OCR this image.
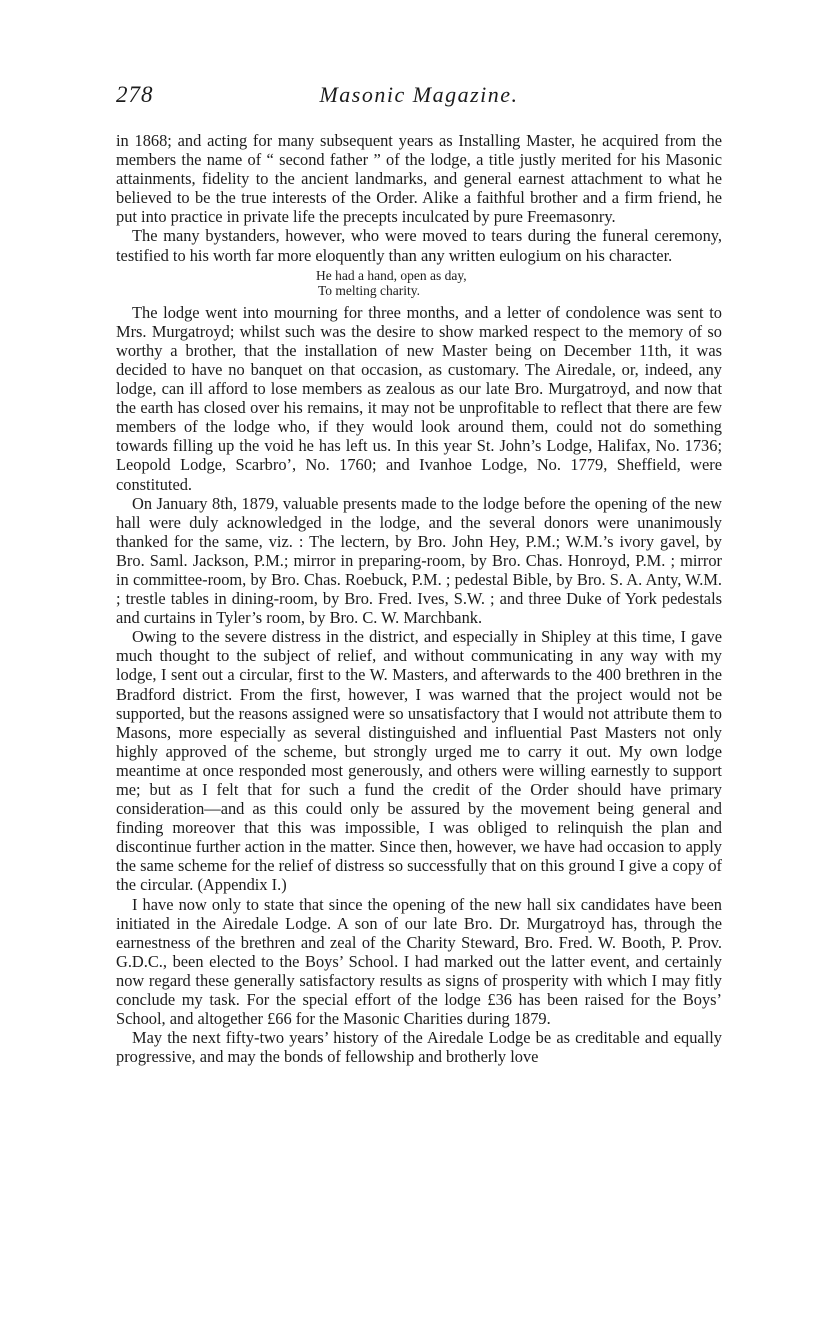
278	Masonic Magazine.

in 1868; and acting for many subsequent years as Installing Master, he acquired from the members the name of “ second father ” of the lodge, a title justly merited for his Masonic attainments, fidelity to the ancient landmarks, and general earnest attachment to what he believed to be the true interests of the Order. Alike a faithful brother and a firm friend, he put into practice in private life the precepts inculcated by pure Freemasonry.

The many bystanders, however, who were moved to tears during the funeral ceremony, testified to his worth far more eloquently than any written eulogium on his character.

He had a hand, open as day,
To melting charity.

The lodge went into mourning for three months, and a letter of condolence was sent to Mrs. Murgatroyd; whilst such was the desire to show marked respect to the memory of so worthy a brother, that the installation of new Master being on December 11th, it was decided to have no banquet on that occasion, as customary. The Airedale, or, indeed, any lodge, can ill afford to lose members as zealous as our late Bro. Murgatroyd, and now that the earth has closed over his remains, it may not be unprofitable to reflect that there are few members of the lodge who, if they would look around them, could not do something towards filling up the void he has left us. In this year St. John’s Lodge, Halifax, No. 1736; Leopold Lodge, Scarbro’, No. 1760; and Ivanhoe Lodge, No. 1779, Sheffield, were constituted.

On January 8th, 1879, valuable presents made to the lodge before the opening of the new hall were duly acknowledged in the lodge, and the several donors were unanimously thanked for the same, viz. : The lectern, by Bro. John Hey, P.M.; W.M.’s ivory gavel, by Bro. Saml. Jackson, P.M.; mirror in preparing-room, by Bro. Chas. Honroyd, P.M. ; mirror in committee-room, by Bro. Chas. Roebuck, P.M. ; pedestal Bible, by Bro. S. A. Anty, W.M. ; trestle tables in dining-room, by Bro. Fred. Ives, S.W. ; and three Duke of York pedestals and curtains in Tyler’s room, by Bro. C. W. Marchbank.

Owing to the severe distress in the district, and especially in Shipley at this time, I gave much thought to the subject of relief, and without communicating in any way with my lodge, I sent out a circular, first to the W. Masters, and afterwards to the 400 brethren in the Bradford district. From the first, however, I was warned that the project would not be supported, but the reasons assigned were so unsatisfactory that I would not attribute them to Masons, more especially as several distinguished and influential Past Masters not only highly approved of the scheme, but strongly urged me to carry it out. My own lodge meantime at once responded most generously, and others were willing earnestly to support me; but as I felt that for such a fund the credit of the Order should have primary consideration—and as this could only be assured by the movement being general and finding moreover that this was impossible, I was obliged to relinquish the plan and discontinue further action in the matter. Since then, however, we have had occasion to apply the same scheme for the relief of distress so successfully that on this ground I give a copy of the circular. (Appendix I.)

I have now only to state that since the opening of the new hall six candidates have been initiated in the Airedale Lodge. A son of our late Bro. Dr. Murgatroyd has, through the earnestness of the brethren and zeal of the Charity Steward, Bro. Fred. W. Booth, P. Prov. G.D.C., been elected to the Boys’ School. I had marked out the latter event, and certainly now regard these generally satisfactory results as signs of prosperity with which I may fitly conclude my task. For the special effort of the lodge £36 has been raised for the Boys’ School, and altogether £66 for the Masonic Charities during 1879.

May the next fifty-two years’ history of the Airedale Lodge be as creditable and equally progressive, and may the bonds of fellowship and brotherly love
